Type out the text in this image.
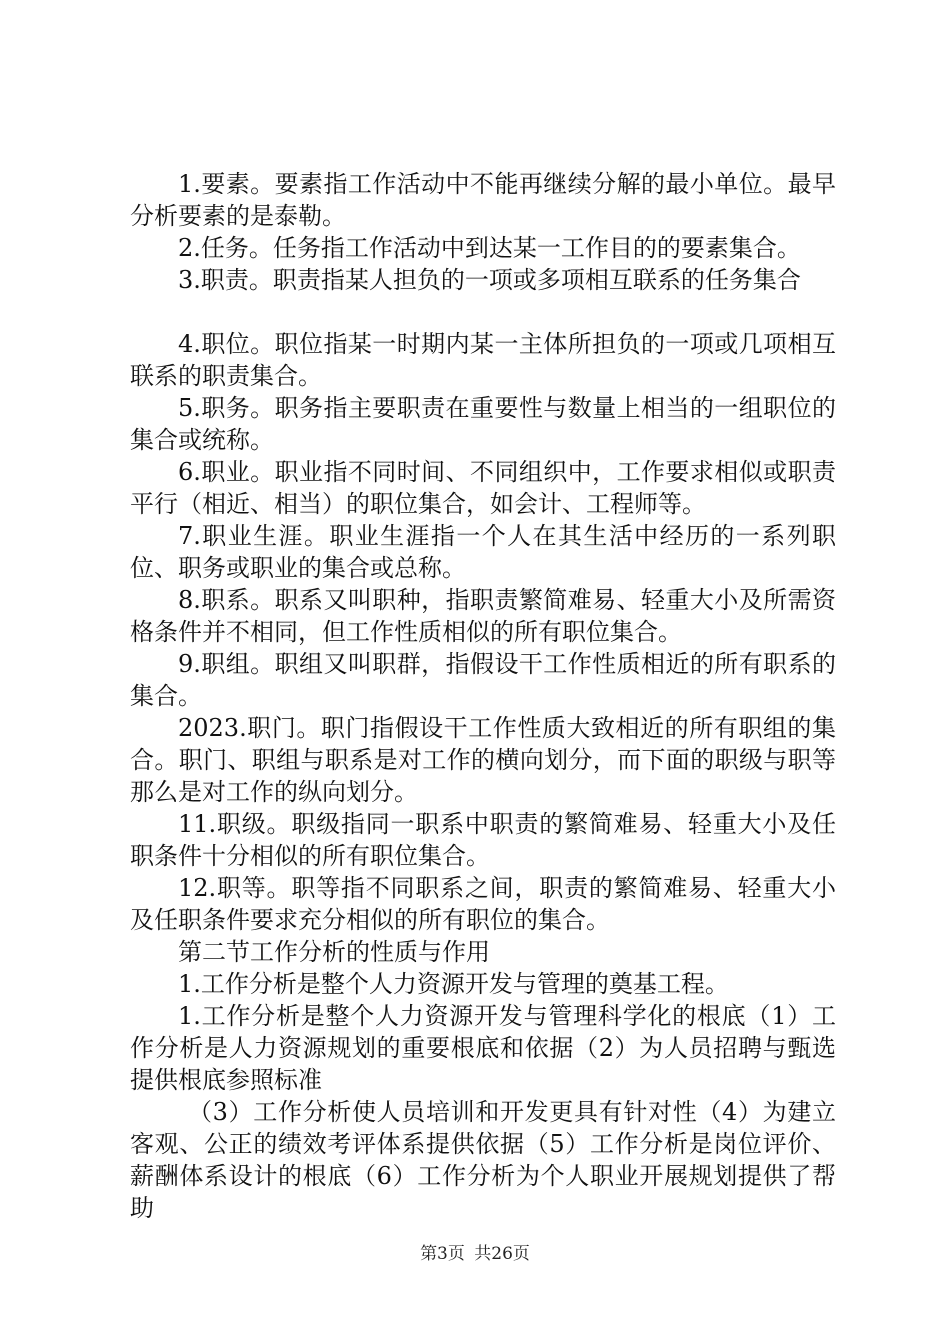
1.要素。要素指工作活动中不能再继续分解的最小单位。最早分析要素的是泰勒。

2.任务。任务指工作活动中到达某一工作目的的要素集合。

3.职责。职责指某人担负的一项或多项相互联系的任务集合

4.职位。职位指某一时期内某一主体所担负的一项或几项相互联系的职责集合。

5.职务。职务指主要职责在重要性与数量上相当的一组职位的集合或统称。

6.职业。职业指不同时间、不同组织中，工作要求相似或职责平行（相近、相当）的职位集合，如会计、工程师等。

7.职业生涯。职业生涯指一个人在其生活中经历的一系列职位、职务或职业的集合或总称。

8.职系。职系又叫职种，指职责繁简难易、轻重大小及所需资格条件并不相同，但工作性质相似的所有职位集合。

9.职组。职组又叫职群，指假设干工作性质相近的所有职系的集合。

2023.职门。职门指假设干工作性质大致相近的所有职组的集合。职门、职组与职系是对工作的横向划分，而下面的职级与职等那么是对工作的纵向划分。

11.职级。职级指同一职系中职责的繁简难易、轻重大小及任职条件十分相似的所有职位集合。

12.职等。职等指不同职系之间，职责的繁简难易、轻重大小及任职条件要求充分相似的所有职位的集合。

第二节工作分析的性质与作用

1.工作分析是整个人力资源开发与管理的奠基工程。

1.工作分析是整个人力资源开发与管理科学化的根底（1）工作分析是人力资源规划的重要根底和依据（2）为人员招聘与甄选提供根底参照标准

（3）工作分析使人员培训和开发更具有针对性（4）为建立客观、公正的绩效考评体系提供依据（5）工作分析是岗位评价、薪酬体系设计的根底（6）工作分析为个人职业开展规划提供了帮助

第3页 共26页
